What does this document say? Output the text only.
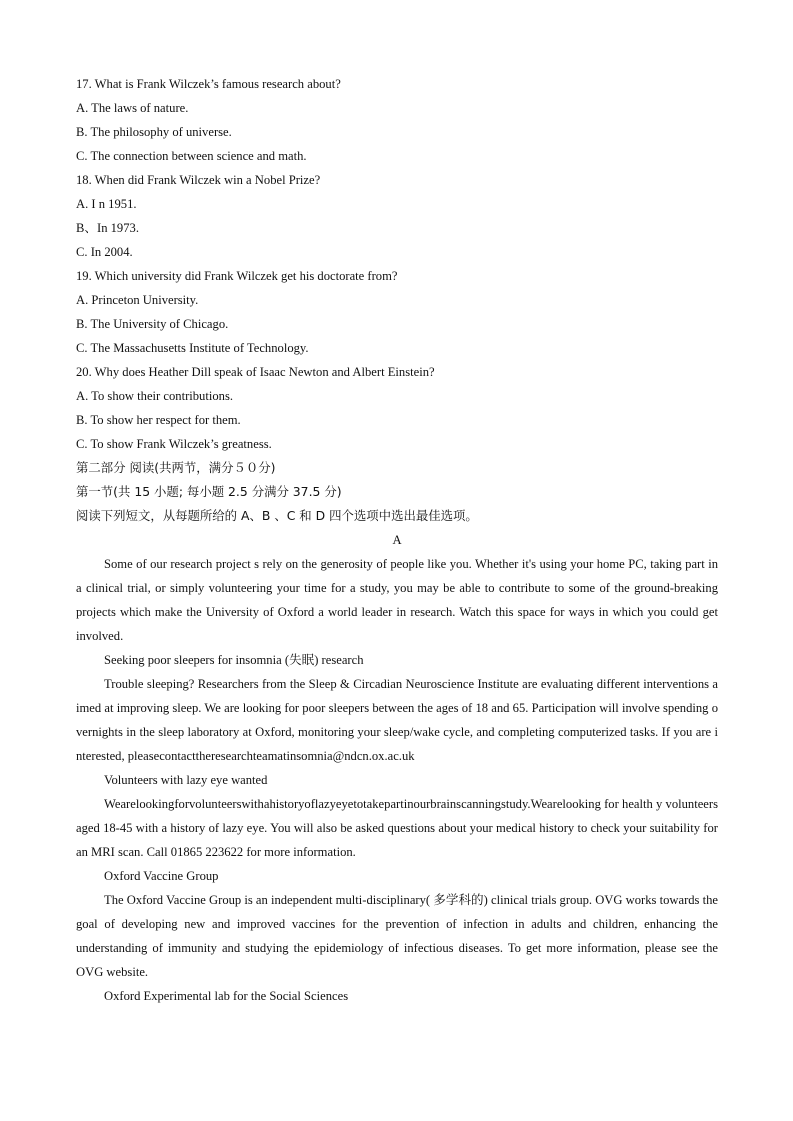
17. What is Frank Wilczek’s famous research about?
A. The laws of nature.
B. The philosophy of universe.
C. The connection between science and math.
18. When did Frank Wilczek win a Nobel Prize?
A. I n 1951.
B、In 1973.
C. In 2004.
19. Which university did Frank Wilczek get his doctorate from?
A. Princeton University.
B. The University of Chicago.
C. The Massachusetts Institute of Technology.
20. Why does Heather Dill speak of Isaac Newton and Albert Einstein?
A. To show their contributions.
B. To show her respect for them.
C. To show Frank Wilczek’s greatness.
第二部分 阅读(共两节，满分５０分)
第一节(共 15 小题; 每小题 2.5 分满分 37.5 分)
阅读下列短文，从每题所给的 A、B 、C 和 D 四个选项中选出最佳选项。
A

Some of our research project s rely on the generosity of people like you. Whether it's using your home PC, taking part in a clinical trial, or simply volunteering your time for a study, you may be able to contribute to some of the ground-breaking projects which make the University of Oxford a world leader in research. Watch this space for ways in which you could get involved.

Seeking poor sleepers for insomnia (失眠) research

Trouble sleeping? Researchers from the Sleep & Circadian Neuroscience Institute are evaluating different interventions aimed at improving sleep. We are looking for poor sleepers between the ages of 18 and 65. Participation will involve spending overnights in the sleep laboratory at Oxford, monitoring your sleep/wake cycle, and completing computerized tasks. If you are interested, pleasecontacttheresearchteamatinsomnia@ndcn.ox.ac.uk

Volunteers with lazy eye wanted

Wearelookingforvolunteerswithahistoryoflazyeyetotakepartinourbrainscanningstudy.Wearelooking for health y volunteers aged 18-45 with a history of lazy eye. You will also be asked questions about your medical history to check your suitability for an MRI scan. Call 01865 223622 for more information.

Oxford Vaccine Group

The Oxford Vaccine Group is an independent multi-disciplinary( 多学科的) clinical trials group. OVG works towards the goal of developing new and improved vaccines for the prevention of infection in adults and children, enhancing the understanding of immunity and studying the epidemiology of infectious diseases. To get more information, please see the OVG website.

Oxford Experimental lab for the Social Sciences
